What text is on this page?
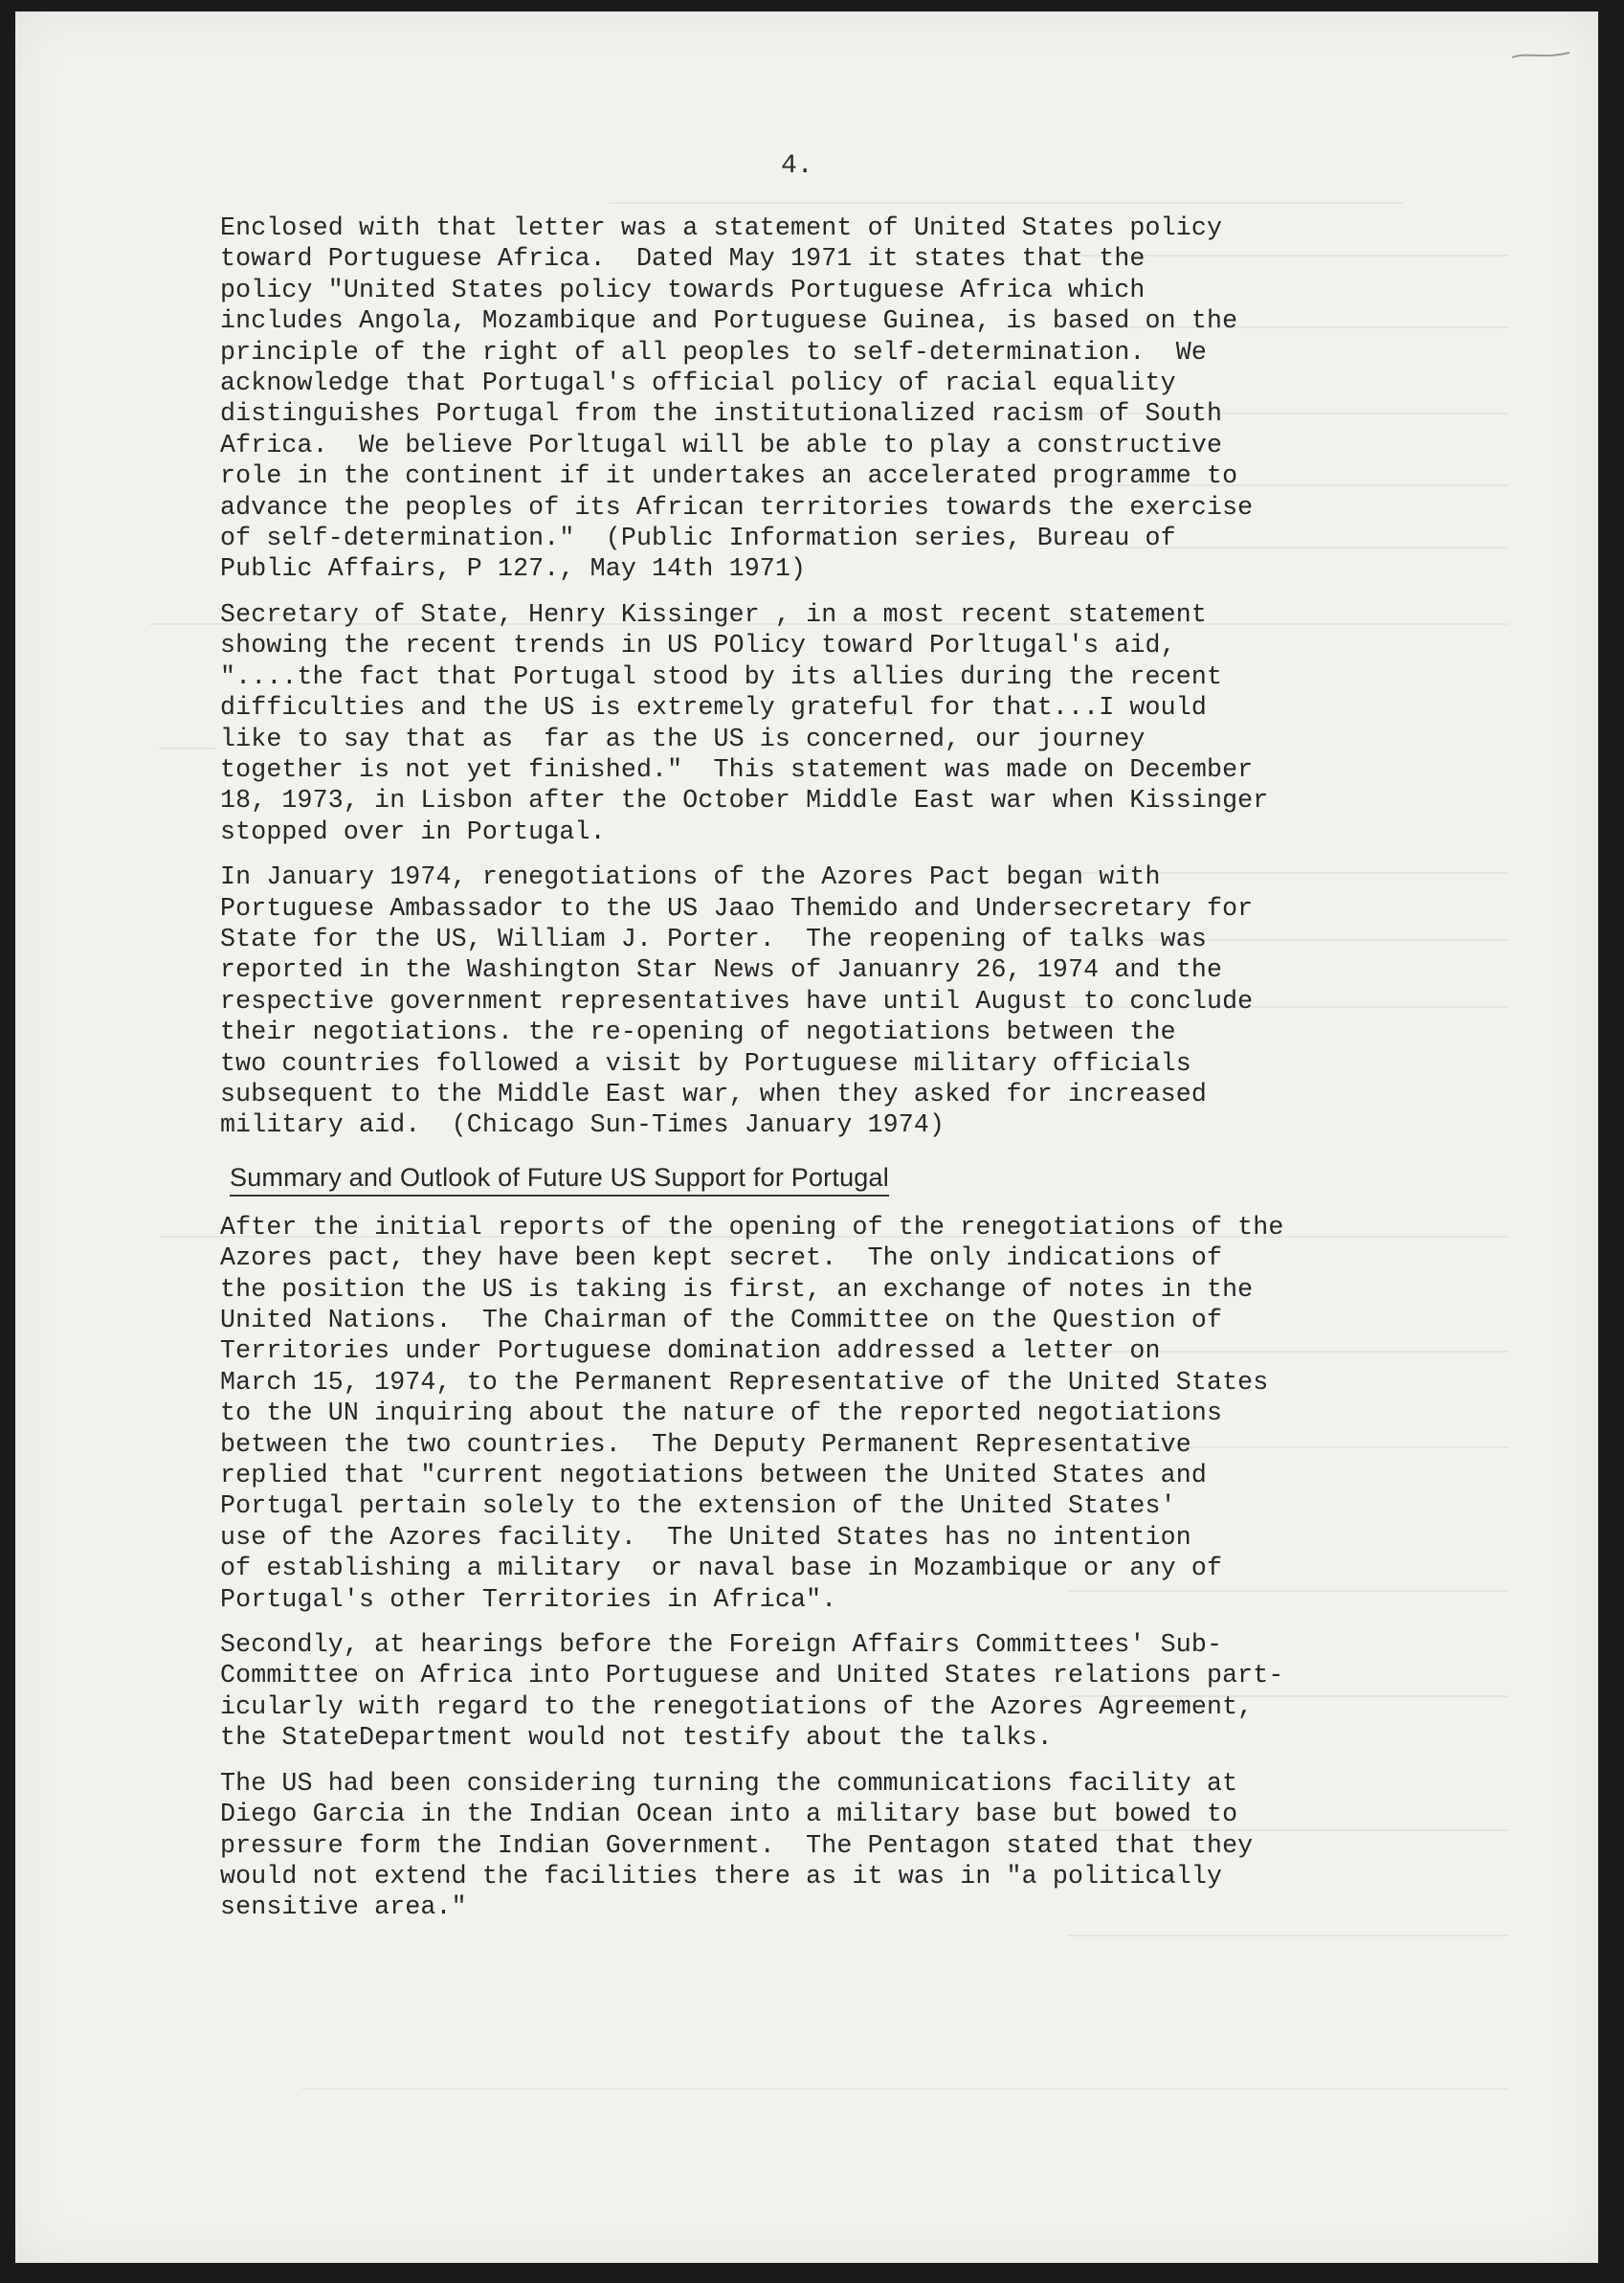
4.
Enclosed with that letter was a statement of United States policy
toward Portuguese Africa.  Dated May 1971 it states that the
policy "United States policy towards Portuguese Africa which
includes Angola, Mozambique and Portuguese Guinea, is based on the
principle of the right of all peoples to self-determination.  We
acknowledge that Portugal's official policy of racial equality
distinguishes Portugal from the institutionalized racism of South
Africa.  We believe Porltugal will be able to play a constructive
role in the continent if it undertakes an accelerated programme to
advance the peoples of its African territories towards the exercise
of self-determination."  (Public Information series, Bureau of
Public Affairs, P 127., May 14th 1971)
Secretary of State, Henry Kissinger , in a most recent statement
showing the recent trends in US POlicy toward Porltugal's aid,
"....the fact that Portugal stood by its allies during the recent
difficulties and the US is extremely grateful for that...I would
like to say that as  far as the US is concerned, our journey
together is not yet finished."  This statement was made on December
18, 1973, in Lisbon after the October Middle East war when Kissinger
stopped over in Portugal.
In January 1974, renegotiations of the Azores Pact began with
Portuguese Ambassador to the US Jaao Themido and Undersecretary for
State for the US, William J. Porter.  The reopening of talks was
reported in the Washington Star News of Januanry 26, 1974 and the
respective government representatives have until August to conclude
their negotiations. the re-opening of negotiations between the
two countries followed a visit by Portuguese military officials
subsequent to the Middle East war, when they asked for increased
military aid.  (Chicago Sun-Times January 1974)
Summary and Outlook of Future US Support for Portugal
After the initial reports of the opening of the renegotiations of the
Azores pact, they have been kept secret.  The only indications of
the position the US is taking is first, an exchange of notes in the
United Nations.  The Chairman of the Committee on the Question of
Territories under Portuguese domination addressed a letter on
March 15, 1974, to the Permanent Representative of the United States
to the UN inquiring about the nature of the reported negotiations
between the two countries.  The Deputy Permanent Representative
replied that "current negotiations between the United States and
Portugal pertain solely to the extension of the United States'
use of the Azores facility.  The United States has no intention
of establishing a military  or naval base in Mozambique or any of
Portugal's other Territories in Africa".
Secondly, at hearings before the Foreign Affairs Committees' Sub-
Committee on Africa into Portuguese and United States relations part-
icularly with regard to the renegotiations of the Azores Agreement,
the StateDepartment would not testify about the talks.
The US had been considering turning the communications facility at
Diego Garcia in the Indian Ocean into a military base but bowed to
pressure form the Indian Government.  The Pentagon stated that they
would not extend the facilities there as it was in "a politically
sensitive area."
